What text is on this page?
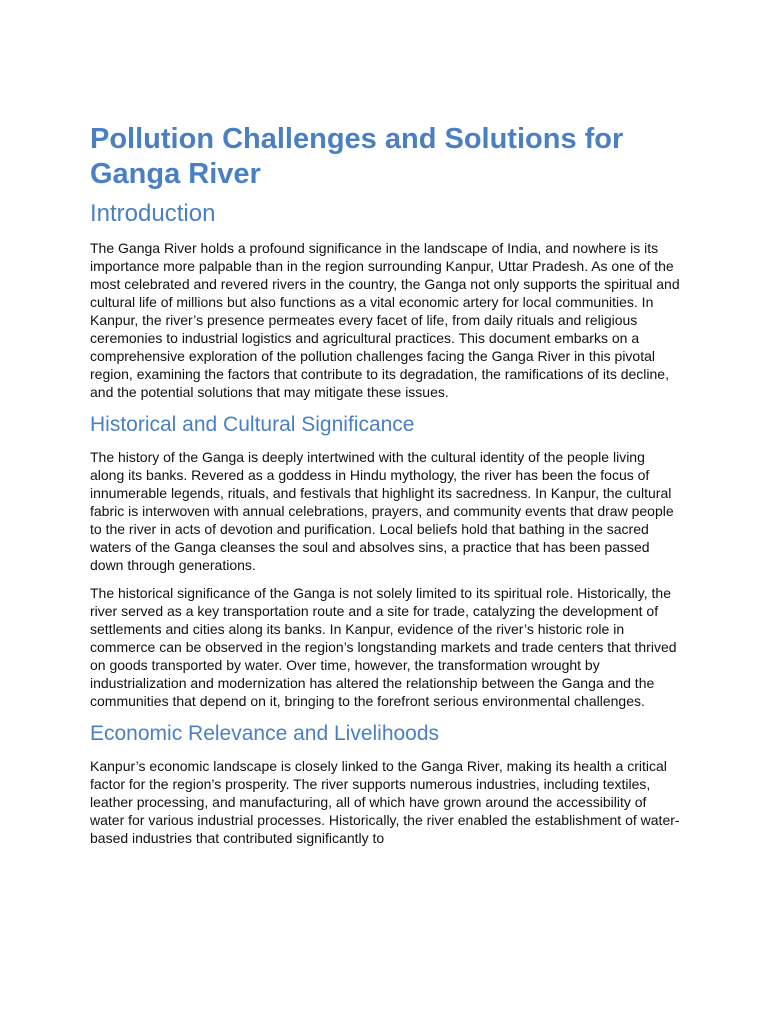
Pollution Challenges and Solutions for Ganga River
Introduction

The Ganga River holds a profound significance in the landscape of India, and nowhere is its importance more palpable than in the region surrounding Kanpur, Uttar Pradesh. As one of the most celebrated and revered rivers in the country, the Ganga not only supports the spiritual and cultural life of millions but also functions as a vital economic artery for local communities. In Kanpur, the river’s presence permeates every facet of life, from daily rituals and religious ceremonies to industrial logistics and agricultural practices. This document embarks on a comprehensive exploration of the pollution challenges facing the Ganga River in this pivotal region, examining the factors that contribute to its degradation, the ramifications of its decline, and the potential solutions that may mitigate these issues.

Historical and Cultural Significance

The history of the Ganga is deeply intertwined with the cultural identity of the people living along its banks. Revered as a goddess in Hindu mythology, the river has been the focus of innumerable legends, rituals, and festivals that highlight its sacredness. In Kanpur, the cultural fabric is interwoven with annual celebrations, prayers, and community events that draw people to the river in acts of devotion and purification. Local beliefs hold that bathing in the sacred waters of the Ganga cleanses the soul and absolves sins, a practice that has been passed down through generations.

The historical significance of the Ganga is not solely limited to its spiritual role. Historically, the river served as a key transportation route and a site for trade, catalyzing the development of settlements and cities along its banks. In Kanpur, evidence of the river’s historic role in commerce can be observed in the region’s longstanding markets and trade centers that thrived on goods transported by water. Over time, however, the transformation wrought by industrialization and modernization has altered the relationship between the Ganga and the communities that depend on it, bringing to the forefront serious environmental challenges.

Economic Relevance and Livelihoods

Kanpur’s economic landscape is closely linked to the Ganga River, making its health a critical factor for the region’s prosperity. The river supports numerous industries, including textiles, leather processing, and manufacturing, all of which have grown around the accessibility of water for various industrial processes. Historically, the river enabled the establishment of water-based industries that contributed significantly to
